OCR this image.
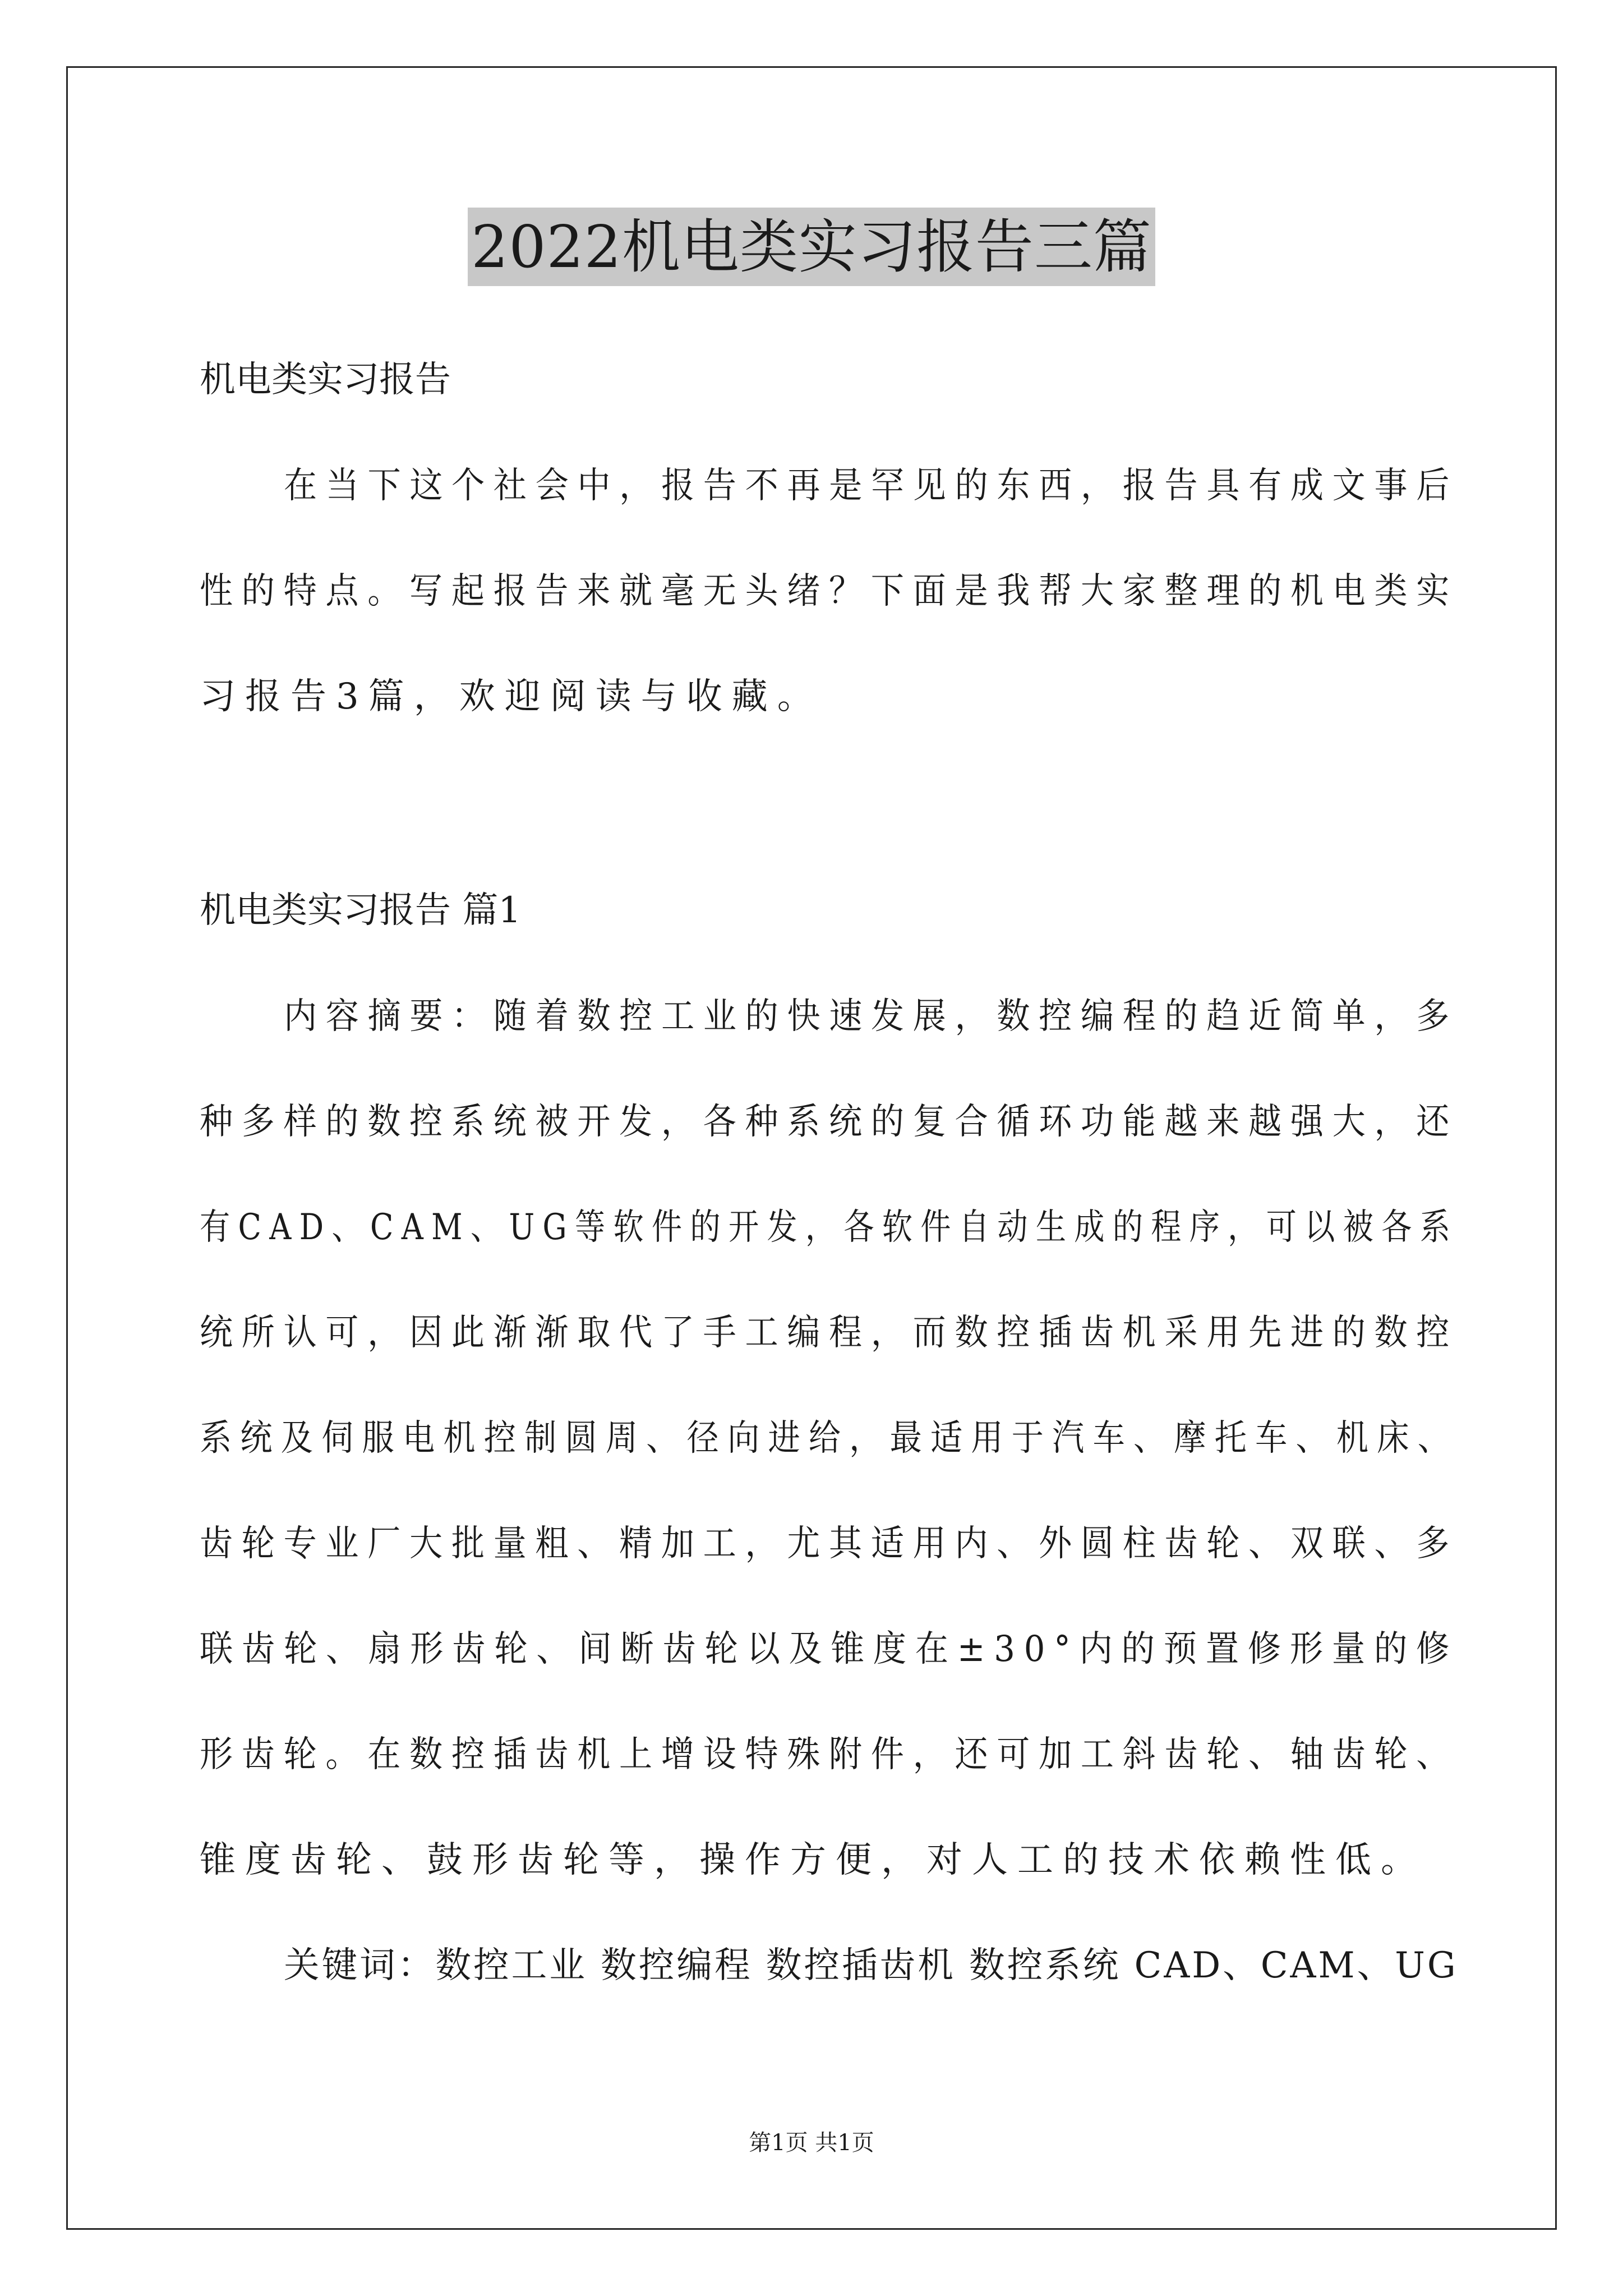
2022机电类实习报告三篇
机电类实习报告
在当下这个社会中，报告不再是罕见的东西，报告具有成文事后
性的特点。写起报告来就毫无头绪？下面是我帮大家整理的机电类实
习报告3篇，欢迎阅读与收藏。
机电类实习报告 篇1
内容摘要：随着数控工业的快速发展，数控编程的趋近简单，多
种多样的数控系统被开发，各种系统的复合循环功能越来越强大，还
有CAD、CAM、UG等软件的开发，各软件自动生成的程序，可以被各系
统所认可，因此渐渐取代了手工编程，而数控插齿机采用先进的数控
系统及伺服电机控制圆周、径向进给，最适用于汽车、摩托车、机床、
齿轮专业厂大批量粗、精加工，尤其适用内、外圆柱齿轮、双联、多
联齿轮、扇形齿轮、间断齿轮以及锥度在±30°内的预置修形量的修
形齿轮。在数控插齿机上增设特殊附件，还可加工斜齿轮、轴齿轮、
锥度齿轮、鼓形齿轮等，操作方便，对人工的技术依赖性低。
关键词：数控工业 数控编程 数控插齿机 数控系统 CAD、CAM、UG
第1页 共1页
